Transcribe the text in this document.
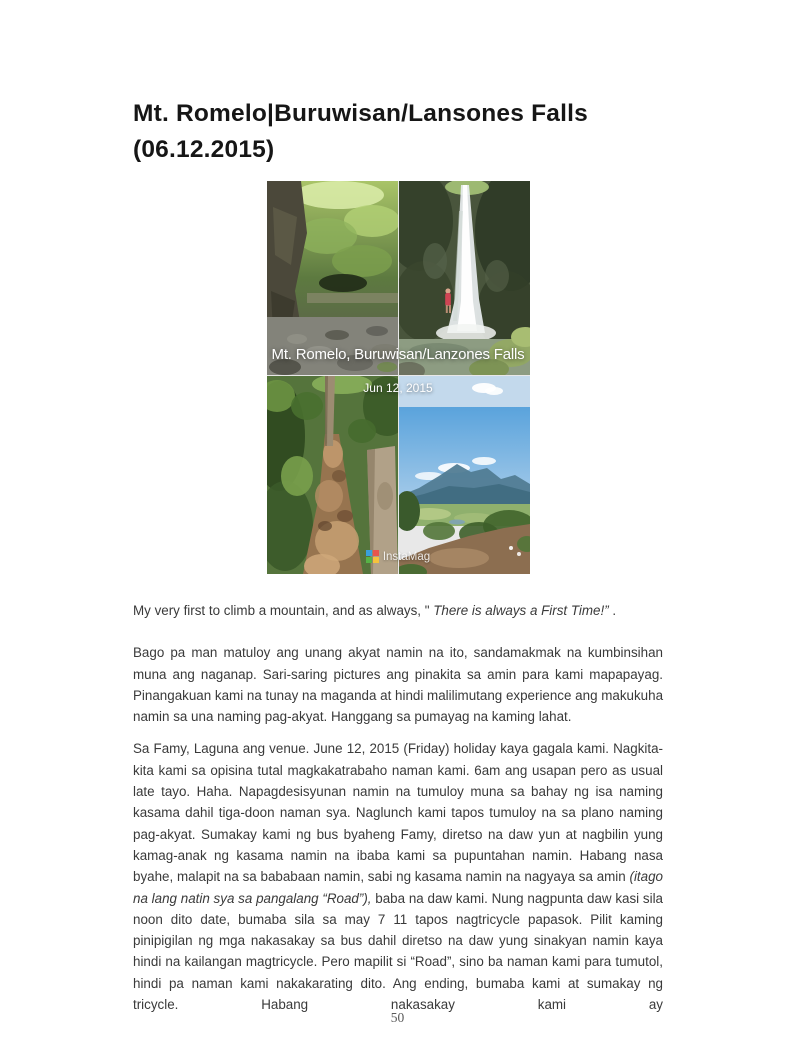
Mt. Romelo|Buruwisan/Lansones Falls (06.12.2015)
Mt. Romelo, Buruwisan/Lanzones Falls
Jun 12, 2015
InstaMag

My very first to climb a mountain, and as always, " There is always a First Time!” .

Bago pa man matuloy ang unang akyat namin na ito, sandamakmak na kumbinsihan muna ang naganap. Sari-saring pictures ang pinakita sa amin para kami mapapayag. Pinangakuan kami na tunay na maganda at hindi malilimutang experience ang makukuha namin sa una naming pag-akyat. Hanggang sa pumayag na kaming lahat.

Sa Famy, Laguna ang venue. June 12, 2015 (Friday) holiday kaya gagala kami. Nagkita-kita kami sa opisina tutal magkakatrabaho naman kami. 6am ang usapan pero as usual late tayo. Haha. Napagdesisyunan namin na tumuloy muna sa bahay ng isa naming kasama dahil tiga-doon naman sya. Naglunch kami tapos tumuloy na sa plano naming pag-akyat. Sumakay kami ng bus byaheng Famy, diretso na daw yun at nagbilin yung kamag-anak ng kasama namin na ibaba kami sa pupuntahan namin. Habang nasa byahe, malapit na sa bababaan namin, sabi ng kasama namin na nagyaya sa amin (itago na lang natin sya sa pangalang “Road”), baba na daw kami. Nung nagpunta daw kasi sila noon dito date, bumaba sila sa may 7 11 tapos nagtricycle papasok. Pilit kaming pinipigilan ng mga nakasakay sa bus dahil diretso na daw yung sinakyan namin kaya hindi na kailangan magtricycle. Pero mapilit si “Road”, sino ba naman kami para tumutol, hindi pa naman kami nakakarating dito. Ang ending, bumaba kami at sumakay ng tricycle. Habang nakasakay kami ay

50
